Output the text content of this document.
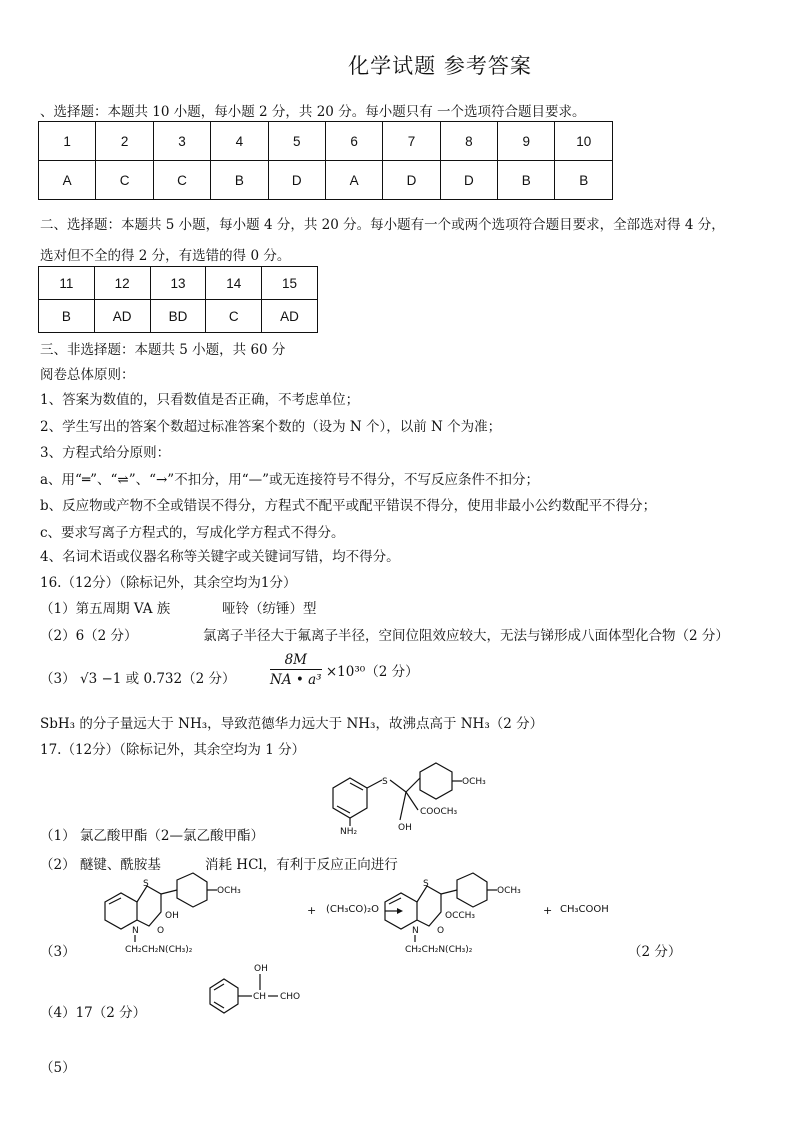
化学试题 参考答案
、选择题：本题共 10 小题，每小题 2 分，共 20 分。每小题只有 一个选项符合题目要求。
1	2	3	4	5	6	7	8	9	10
A	C	C	B	D	A	D	D	B	B
二、选择题：本题共 5 小题，每小题 4 分，共 20 分。每小题有一个或两个选项符合题目要求，全部选对得 4 分，
选对但不全的得 2 分，有选错的得 0 分。
11	12	13	14	15
B	AD	BD	C	AD
三、非选择题：本题共 5 小题，共 60 分
阅卷总体原则：
1、答案为数值的，只看数值是否正确，不考虑单位；
2、学生写出的答案个数超过标准答案个数的（设为 N 个），以前 N 个为准；
3、方程式给分原则：
a、用“═”、“⇌”、“→”不扣分，用“—”或无连接符号不得分，不写反应条件不扣分；
b、反应物或产物不全或错误不得分，方程式不配平或配平错误不得分，使用非最小公约数配平不得分；
c、要求写离子方程式的，写成化学方程式不得分。
4、名词术语或仪器名称等关键字或关键词写错，均不得分。
16.（12分）（除标记外，其余空均为1分）
（1）第五周期 VA 族	哑铃（纺锤）型
（2）6（2 分）	氯离子半径大于氟离子半径，空间位阻效应较大，无法与锑形成八面体型化合物（2 分）
（3） √3 −1 或 0.732（2 分）	$\frac{8M}{\text{NA • a³}} \times 10^{30}(2$ 分）
SbH₃ 的分子量远大于 NH₃，导致范德华力远大于 NH₃，故沸点高于 NH₃（2 分）
17.（12分）（除标记外，其余空均为 1 分）
S	OCH₃
COOCH₃
OH
NH₂
（1） 氯乙酸甲酯（2—氯乙酸甲酯）
（2） 醚键、酰胺基	消耗 HCl，有利于反应正向进行
S
OCH₃
OH
O
N
CH₂CH₂N(CH₃)₂
+ (CH₃CO)₂O
S
OCH₃
OCCH₃
O
N
CH₂CH₂N(CH₃)₂
+ CH₃COOH
（3）	（2 分）
OH
CH CHO
（4）17（2 分）
（5）
